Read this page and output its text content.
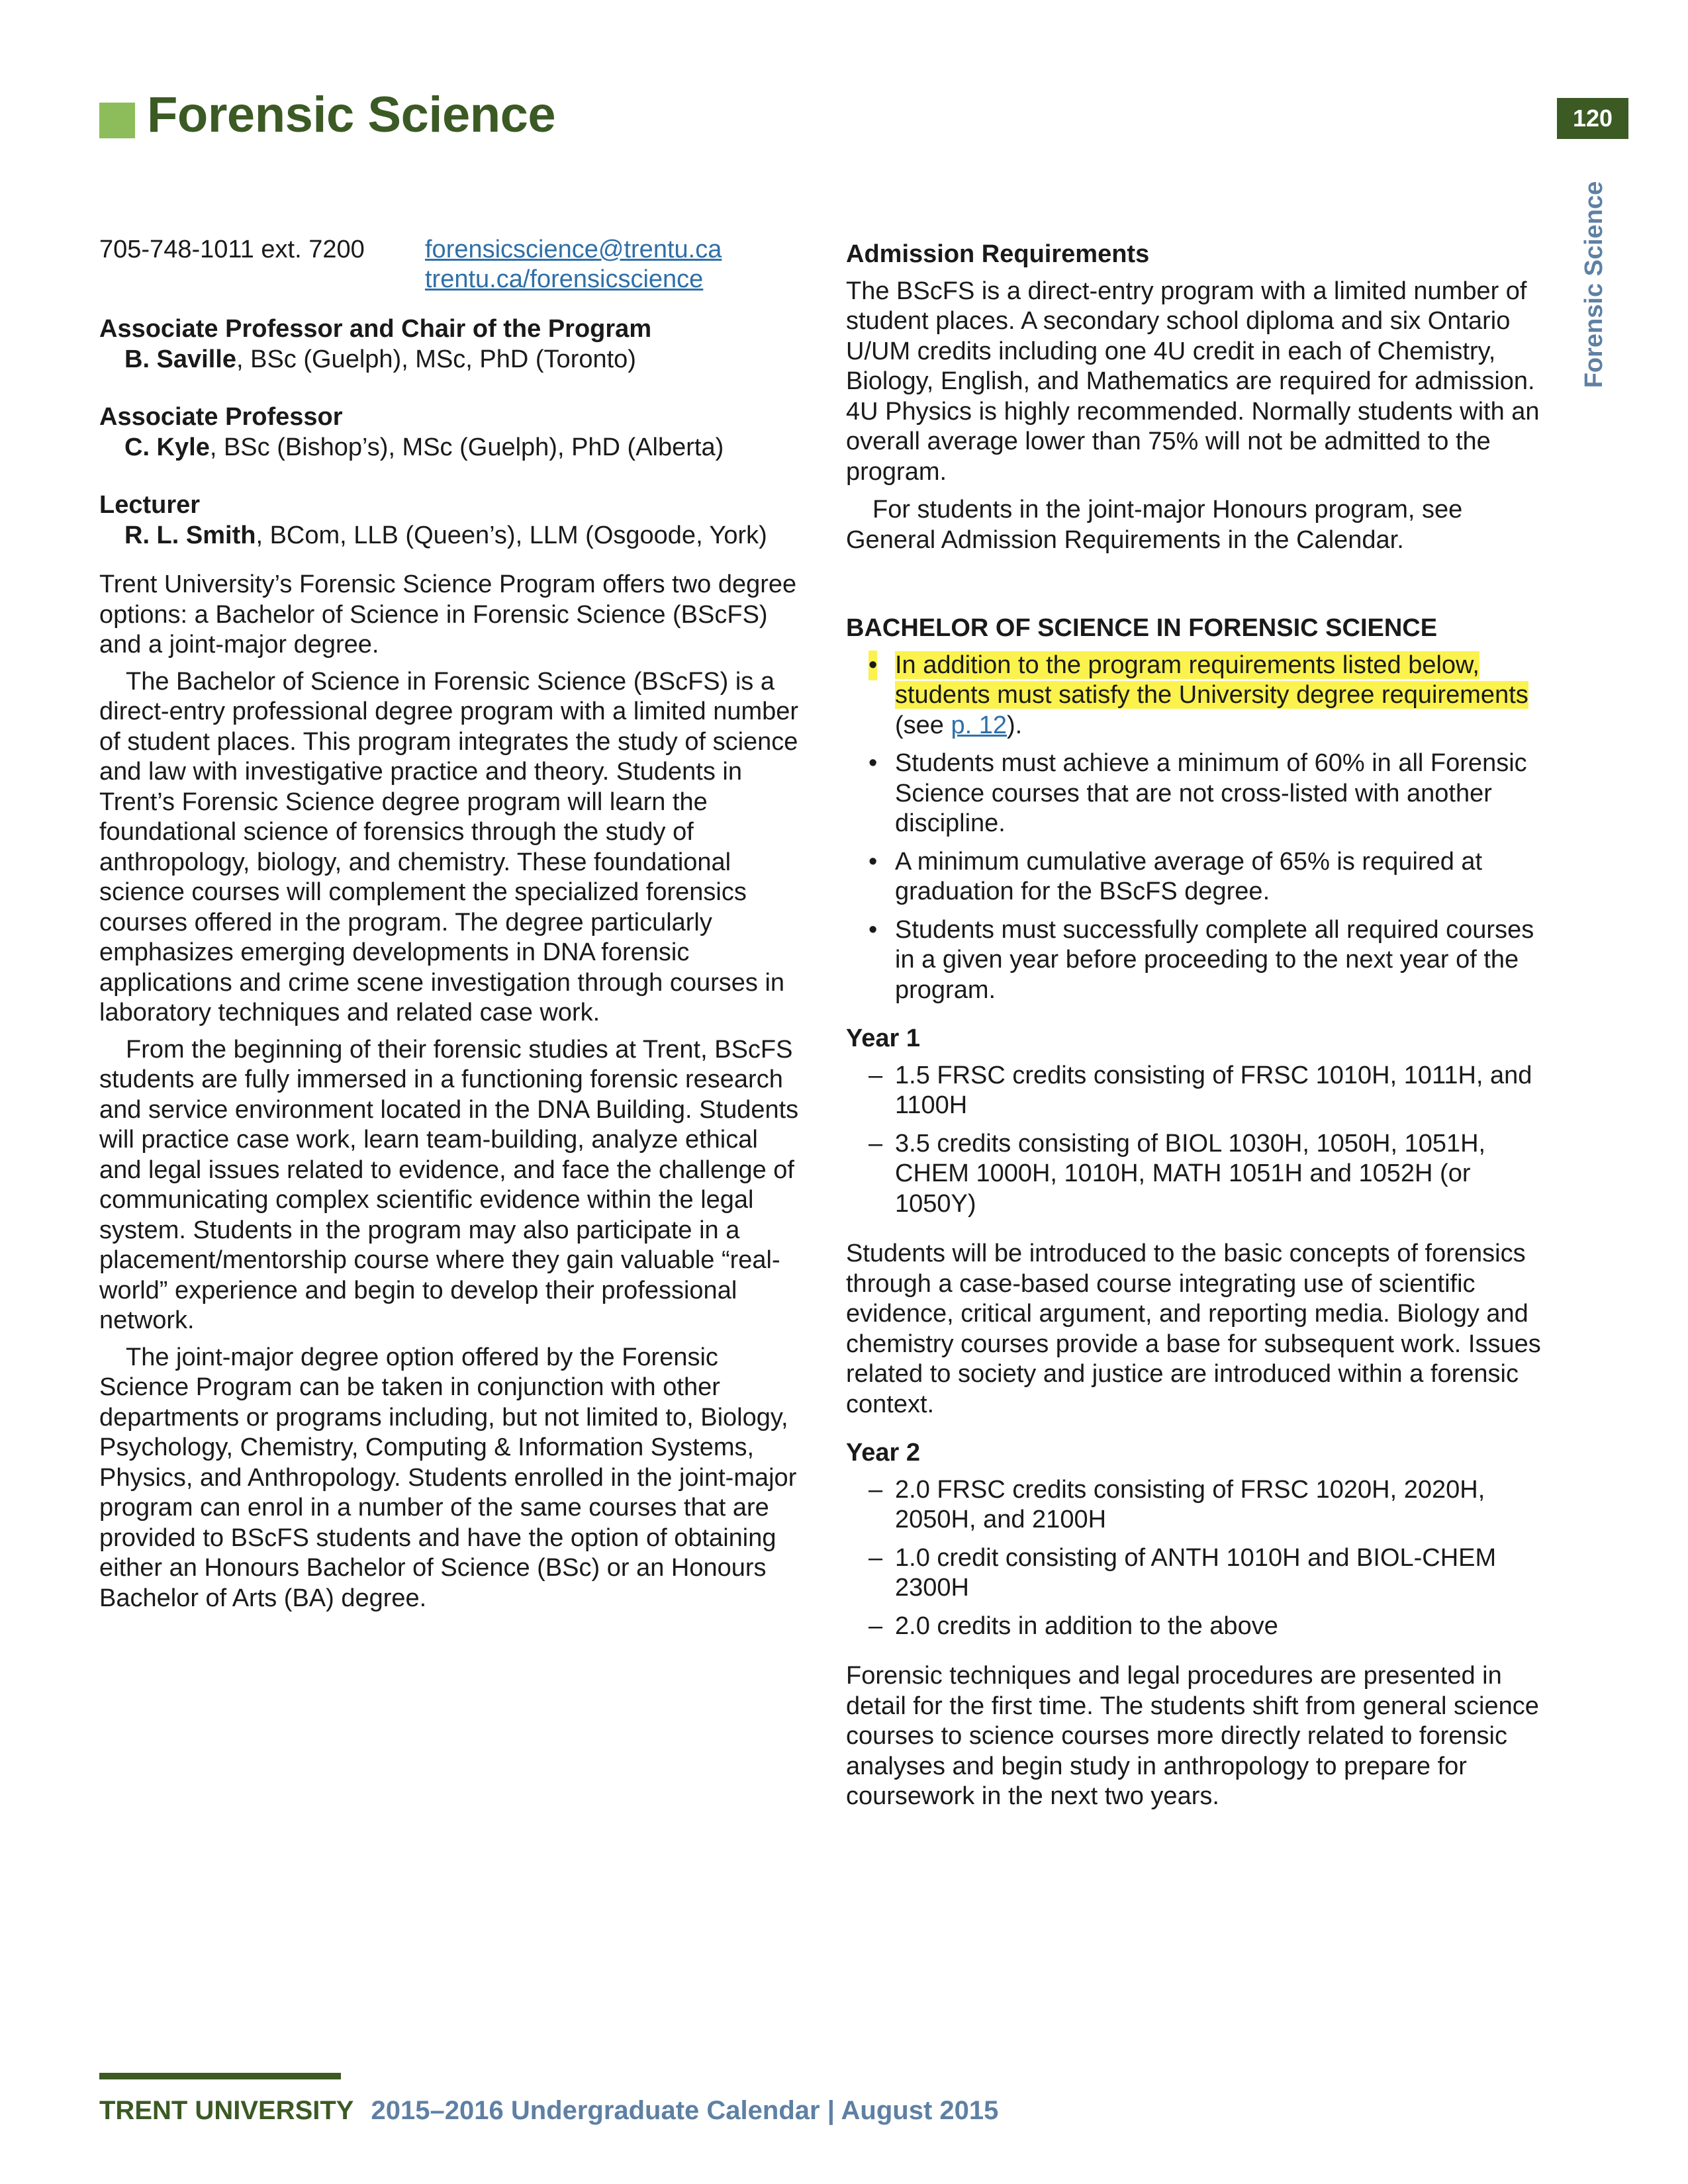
Forensic Science	120
Forensic Science
705-748-1011 ext. 7200 forensicscience@trentu.ca
trentu.ca/forensicscience

Associate Professor and Chair of the Program

B. Saville, BSc (Guelph), MSc, PhD (Toronto)

Associate Professor

C. Kyle, BSc (Bishop’s), MSc (Guelph), PhD (Alberta)

Lecturer

R. L. Smith, BCom, LLB (Queen’s), LLM (Osgoode, York)

Trent University’s Forensic Science Program offers two degree options: a Bachelor of Science in Forensic Science (BScFS) and a joint-major degree.

The Bachelor of Science in Forensic Science (BScFS) is a direct-entry professional degree program with a limited number of student places. This program integrates the study of science and law with investigative practice and theory. Students in Trent’s Forensic Science degree program will learn the foundational science of forensics through the study of anthropology, biology, and chemistry. These foundational science courses will complement the specialized forensics courses offered in the program. The degree particularly emphasizes emerging developments in DNA forensic applications and crime scene investigation through courses in laboratory techniques and related case work.

From the beginning of their forensic studies at Trent, BScFS students are fully immersed in a functioning forensic research and service environment located in the DNA Building. Students will practice case work, learn team-building, analyze ethical and legal issues related to evidence, and face the challenge of communicating complex scientific evidence within the legal system. Students in the program may also participate in a placement/mentorship course where they gain valuable “real-world” experience and begin to develop their professional network.

The joint-major degree option offered by the Forensic Science Program can be taken in conjunction with other departments or programs including, but not limited to, Biology, Psychology, Chemistry, Computing & Information Systems, Physics, and Anthropology. Students enrolled in the joint-major program can enrol in a number of the same courses that are provided to BScFS students and have the option of obtaining either an Honours Bachelor of Science (BSc) or an Honours Bachelor of Arts (BA) degree.

Admission Requirements

The BScFS is a direct-entry program with a limited number of student places. A secondary school diploma and six Ontario U/UM credits including one 4U credit in each of Chemistry, Biology, English, and Mathematics are required for admission. 4U Physics is highly recommended. Normally students with an overall average lower than 75% will not be admitted to the program.

For students in the joint-major Honours program, see General Admission Requirements in the Calendar.

BACHELOR OF SCIENCE IN FORENSIC SCIENCE

• In addition to the program requirements listed below, students must satisfy the University degree requirements (see p. 12).
• Students must achieve a minimum of 60% in all Forensic Science courses that are not cross-listed with another discipline.
• A minimum cumulative average of 65% is required at graduation for the BScFS degree.
• Students must successfully complete all required courses in a given year before proceeding to the next year of the program.

Year 1

– 1.5 FRSC credits consisting of FRSC 1010H, 1011H, and 1100H
– 3.5 credits consisting of BIOL 1030H, 1050H, 1051H, CHEM 1000H, 1010H, MATH 1051H and 1052H (or 1050Y)

Students will be introduced to the basic concepts of forensics through a case-based course integrating use of scientific evidence, critical argument, and reporting media. Biology and chemistry courses provide a base for subsequent work. Issues related to society and justice are introduced within a forensic context.

Year 2

– 2.0 FRSC credits consisting of FRSC 1020H, 2020H, 2050H, and 2100H
– 1.0 credit consisting of ANTH 1010H and BIOL-CHEM 2300H
– 2.0 credits in addition to the above

Forensic techniques and legal procedures are presented in detail for the first time. The students shift from general science courses to science courses more directly related to forensic analyses and begin study in anthropology to prepare for coursework in the next two years.

TRENT UNIVERSITY 2015–2016 Undergraduate Calendar | August 2015
